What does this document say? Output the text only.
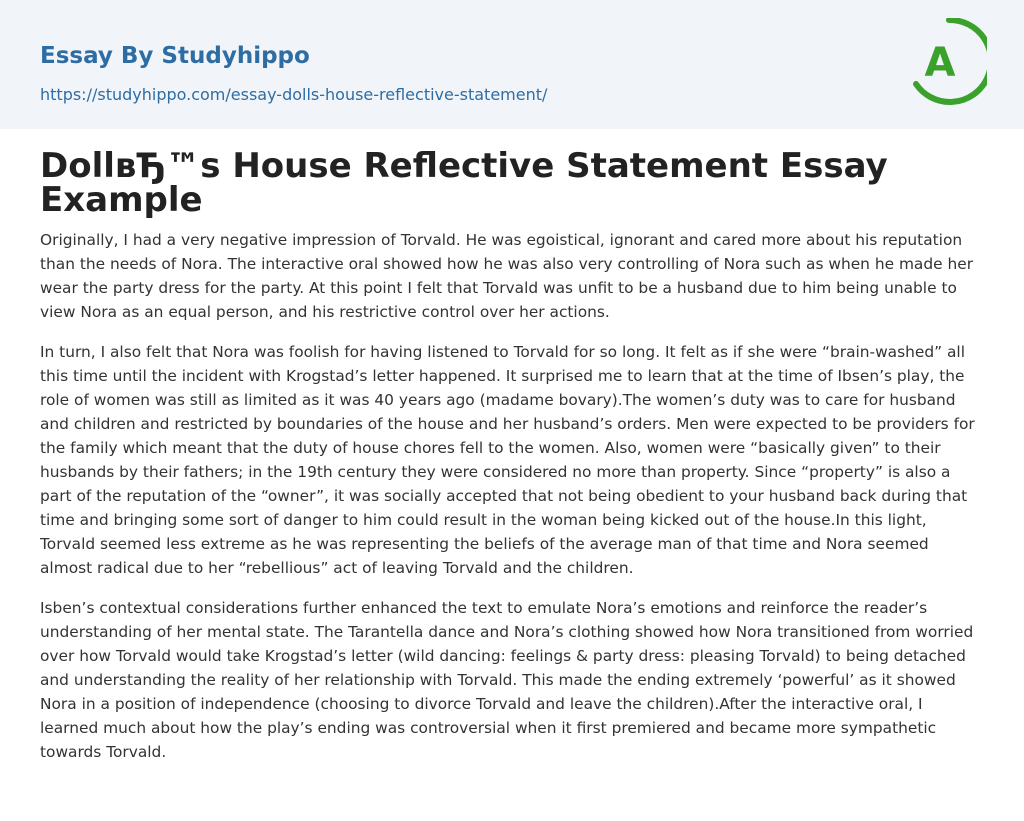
Essay By Studyhippo
https://studyhippo.com/essay-dolls-house-reflective-statement/
A
DollвЂ™s House Reflective Statement Essay Example

Originally, I had a very negative impression of Torvald. He was egoistical, ignorant and cared more about his reputation than the needs of Nora. The interactive oral showed how he was also very controlling of Nora such as when he made her wear the party dress for the party. At this point I felt that Torvald was unfit to be a husband due to him being unable to view Nora as an equal person, and his restrictive control over her actions.

In turn, I also felt that Nora was foolish for having listened to Torvald for so long. It felt as if she were “brain-washed” all this time until the incident with Krogstad’s letter happened. It surprised me to learn that at the time of Ibsen’s play, the role of women was still as limited as it was 40 years ago (madame bovary).The women’s duty was to care for husband and children and restricted by boundaries of the house and her husband’s orders. Men were expected to be providers for the family which meant that the duty of house chores fell to the women. Also, women were “basically given” to their husbands by their fathers; in the 19th century they were considered no more than property. Since “property” is also a part of the reputation of the “owner”, it was socially accepted that not being obedient to your husband back during that time and bringing some sort of danger to him could result in the woman being kicked out of the house.In this light, Torvald seemed less extreme as he was representing the beliefs of the average man of that time and Nora seemed almost radical due to her “rebellious” act of leaving Torvald and the children.

Isben’s contextual considerations further enhanced the text to emulate Nora’s emotions and reinforce the reader’s understanding of her mental state. The Tarantella dance and Nora’s clothing showed how Nora transitioned from worried over how Torvald would take Krogstad’s letter (wild dancing: feelings & party dress: pleasing Torvald) to being detached and understanding the reality of her relationship with Torvald. This made the ending extremely ‘powerful’ as it showed Nora in a position of independence (choosing to divorce Torvald and leave the children).After the interactive oral, I learned much about how the play’s ending was controversial when it first premiered and became more sympathetic towards Torvald.
